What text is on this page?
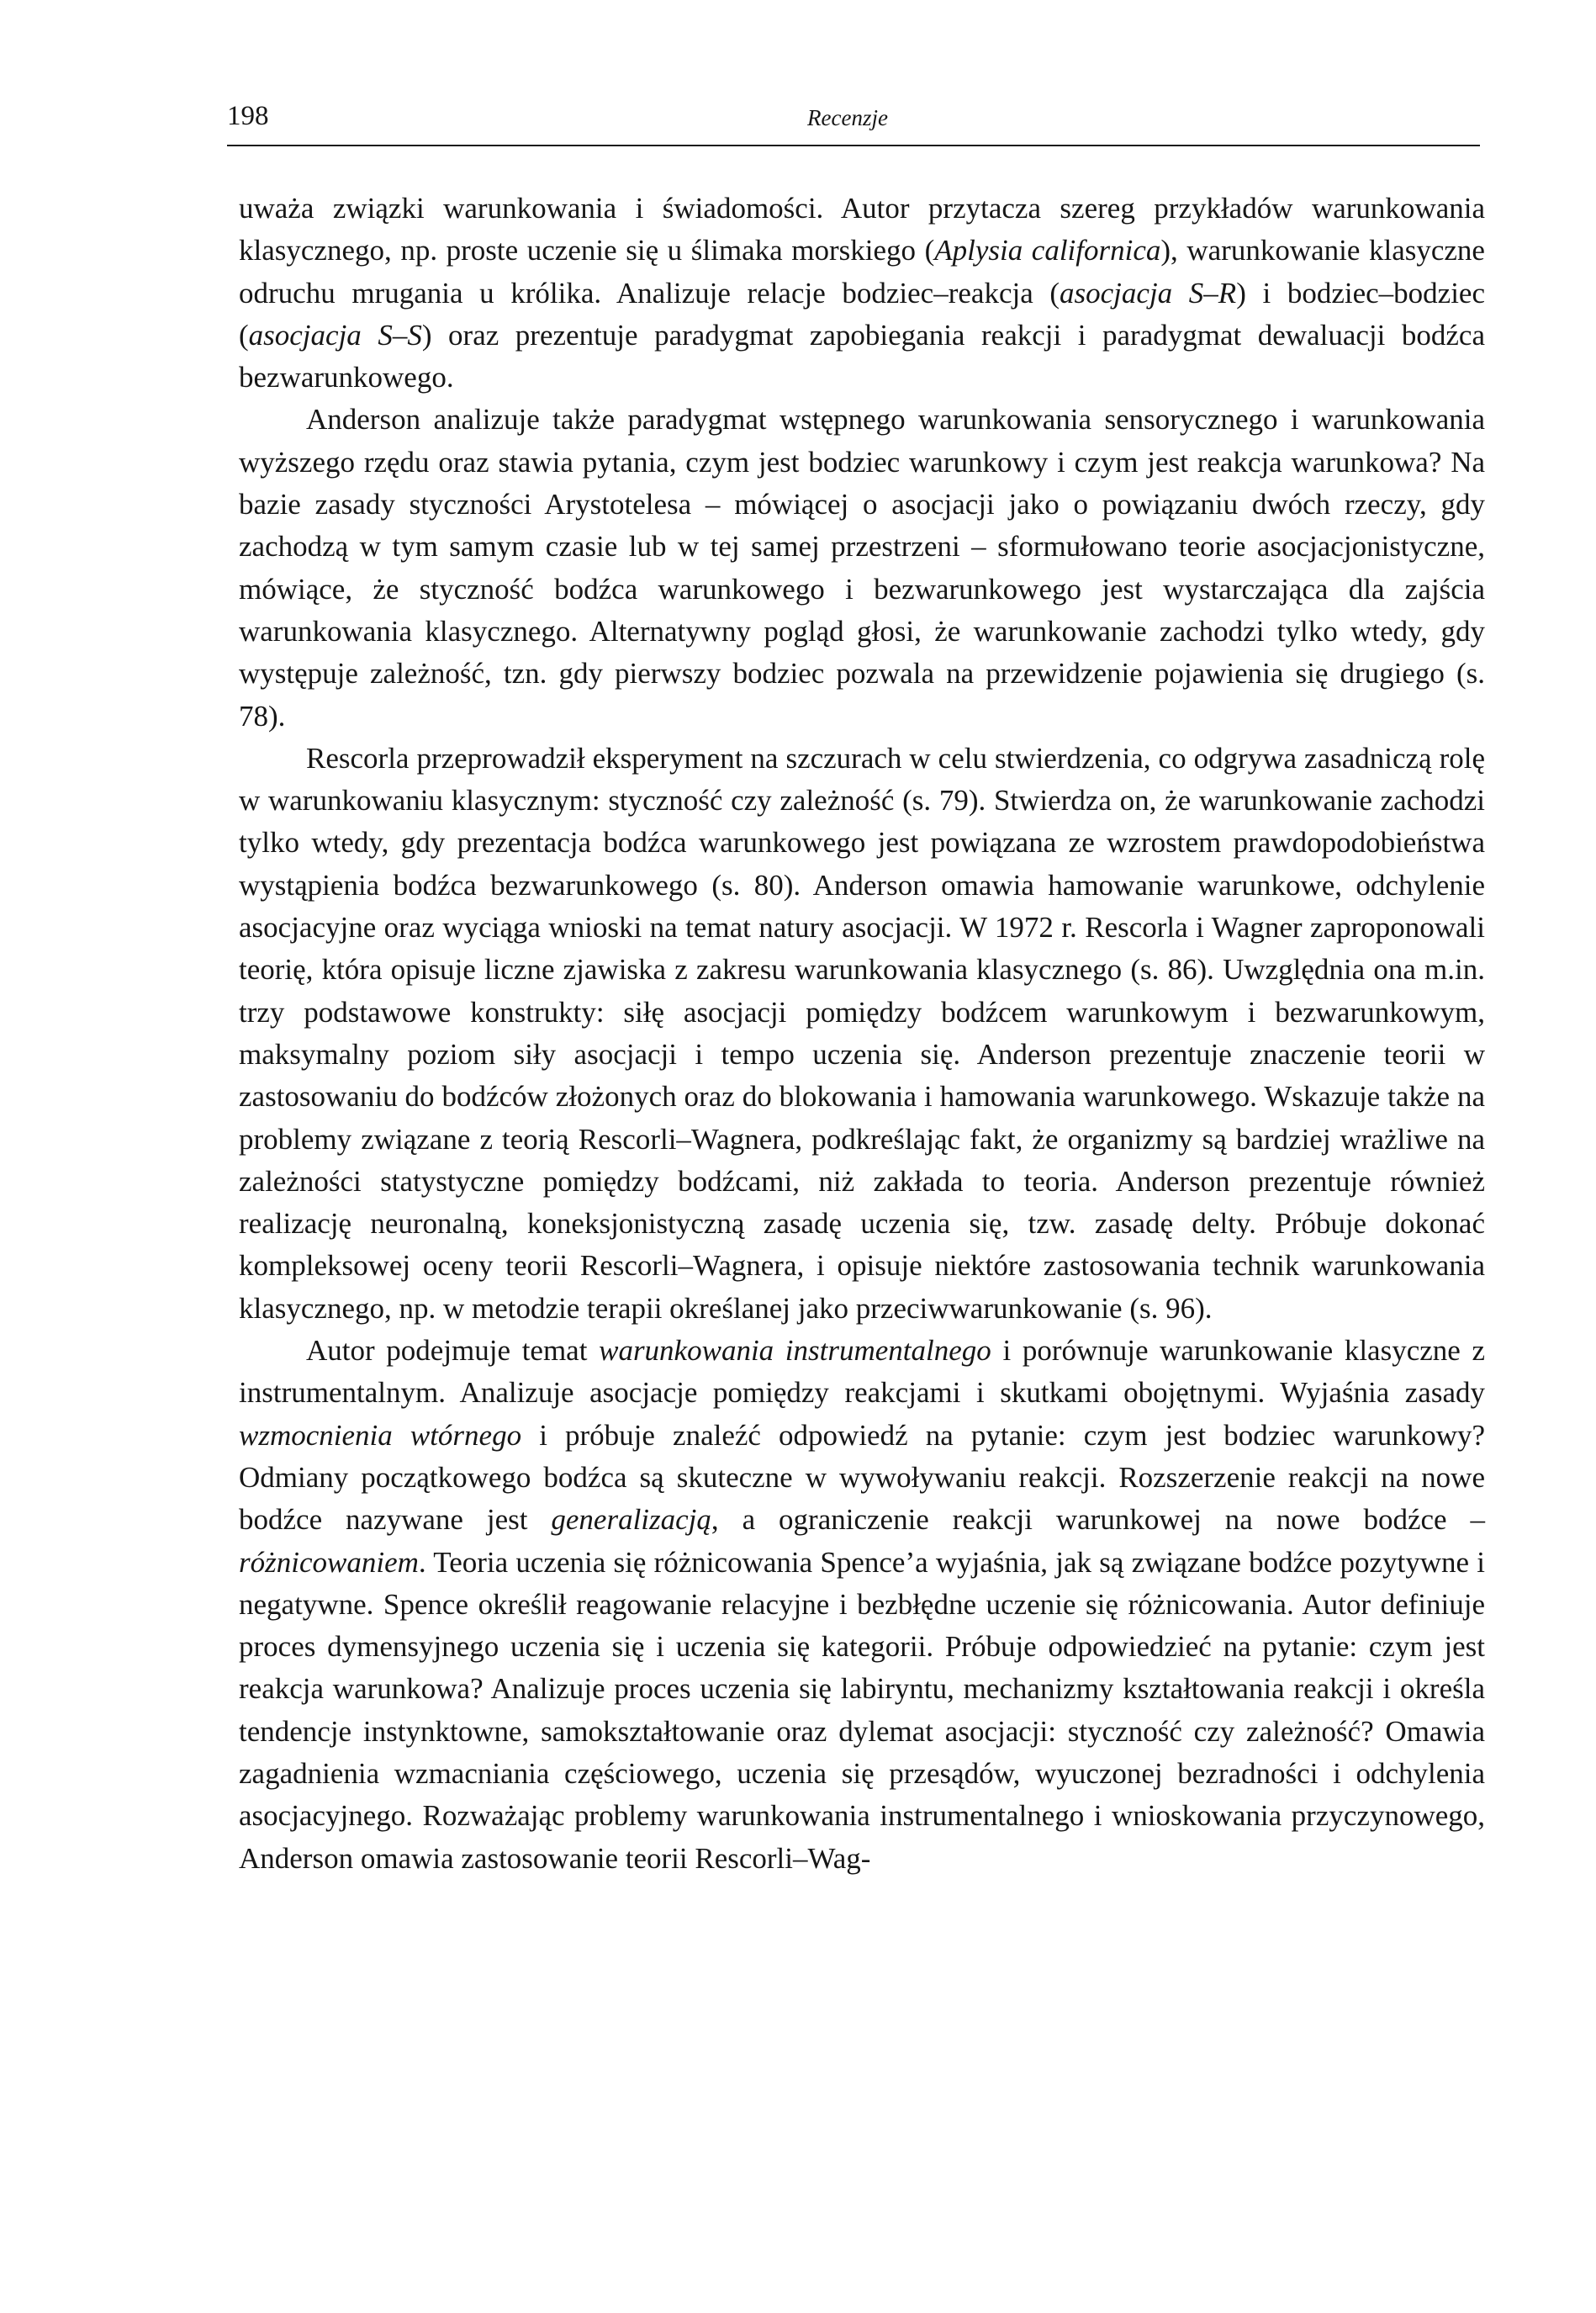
198	Recenzje

uważa związki warunkowania i świadomości. Autor przytacza szereg przykładów warunkowania klasycznego, np. proste uczenie się u ślimaka morskiego (Aplysia californica), warunkowanie klasyczne odruchu mrugania u królika. Analizuje relacje bodziec–reakcja (asocjacja S–R) i bodziec–bodziec (asocjacja S–S) oraz prezentuje paradygmat zapobiegania reakcji i paradygmat dewaluacji bodźca bezwarunkowego.

Anderson analizuje także paradygmat wstępnego warunkowania sensorycznego i warunkowania wyższego rzędu oraz stawia pytania, czym jest bodziec warunkowy i czym jest reakcja warunkowa? Na bazie zasady styczności Arystotelesa – mówiącej o asocjacji jako o powiązaniu dwóch rzeczy, gdy zachodzą w tym samym czasie lub w tej samej przestrzeni – sformułowano teorie asocjacjonistyczne, mówiące, że styczność bodźca warunkowego i bezwarunkowego jest wystarczająca dla zajścia warunkowania klasycznego. Alternatywny pogląd głosi, że warunkowanie zachodzi tylko wtedy, gdy występuje zależność, tzn. gdy pierwszy bodziec pozwala na przewidzenie pojawienia się drugiego (s. 78).

Rescorla przeprowadził eksperyment na szczurach w celu stwierdzenia, co odgrywa zasadniczą rolę w warunkowaniu klasycznym: styczność czy zależność (s. 79). Stwierdza on, że warunkowanie zachodzi tylko wtedy, gdy prezentacja bodźca warunkowego jest powiązana ze wzrostem prawdopodobieństwa wystąpienia bodźca bezwarunkowego (s. 80). Anderson omawia hamowanie warunkowe, odchylenie asocjacyjne oraz wyciąga wnioski na temat natury asocjacji. W 1972 r. Rescorla i Wagner zaproponowali teorię, która opisuje liczne zjawiska z zakresu warunkowania klasycznego (s. 86). Uwzględnia ona m.in. trzy podstawowe konstrukty: siłę asocjacji pomiędzy bodźcem warunkowym i bezwarunkowym, maksymalny poziom siły asocjacji i tempo uczenia się. Anderson prezentuje znaczenie teorii w zastosowaniu do bodźców złożonych oraz do blokowania i hamowania warunkowego. Wskazuje także na problemy związane z teorią Rescorli–Wagnera, podkreślając fakt, że organizmy są bardziej wrażliwe na zależności statystyczne pomiędzy bodźcami, niż zakłada to teoria. Anderson prezentuje również realizację neuronalną, koneksjonistyczną zasadę uczenia się, tzw. zasadę delty. Próbuje dokonać kompleksowej oceny teorii Rescorli–Wagnera, i opisuje niektóre zastosowania technik warunkowania klasycznego, np. w metodzie terapii określanej jako przeciwwarunkowanie (s. 96).

Autor podejmuje temat warunkowania instrumentalnego i porównuje warunkowanie klasyczne z instrumentalnym. Analizuje asocjacje pomiędzy reakcjami i skutkami obojętnymi. Wyjaśnia zasady wzmocnienia wtórnego i próbuje znaleźć odpowiedź na pytanie: czym jest bodziec warunkowy? Odmiany początkowego bodźca są skuteczne w wywoływaniu reakcji. Rozszerzenie reakcji na nowe bodźce nazywane jest generalizacją, a ograniczenie reakcji warunkowej na nowe bodźce – różnicowaniem. Teoria uczenia się różnicowania Spence’a wyjaśnia, jak są związane bodźce pozytywne i negatywne. Spence określił reagowanie relacyjne i bezbłędne uczenie się różnicowania. Autor definiuje proces dymensyjnego uczenia się i uczenia się kategorii. Próbuje odpowiedzieć na pytanie: czym jest reakcja warunkowa? Analizuje proces uczenia się labiryntu, mechanizmy kształtowania reakcji i określa tendencje instynktowne, samokształtowanie oraz dylemat asocjacji: styczność czy zależność? Omawia zagadnienia wzmacniania częściowego, uczenia się przesądów, wyuczonej bezradności i odchylenia asocjacyjnego. Rozważając problemy warunkowania instrumentalnego i wnioskowania przyczynowego, Anderson omawia zastosowanie teorii Rescorli–Wag-
